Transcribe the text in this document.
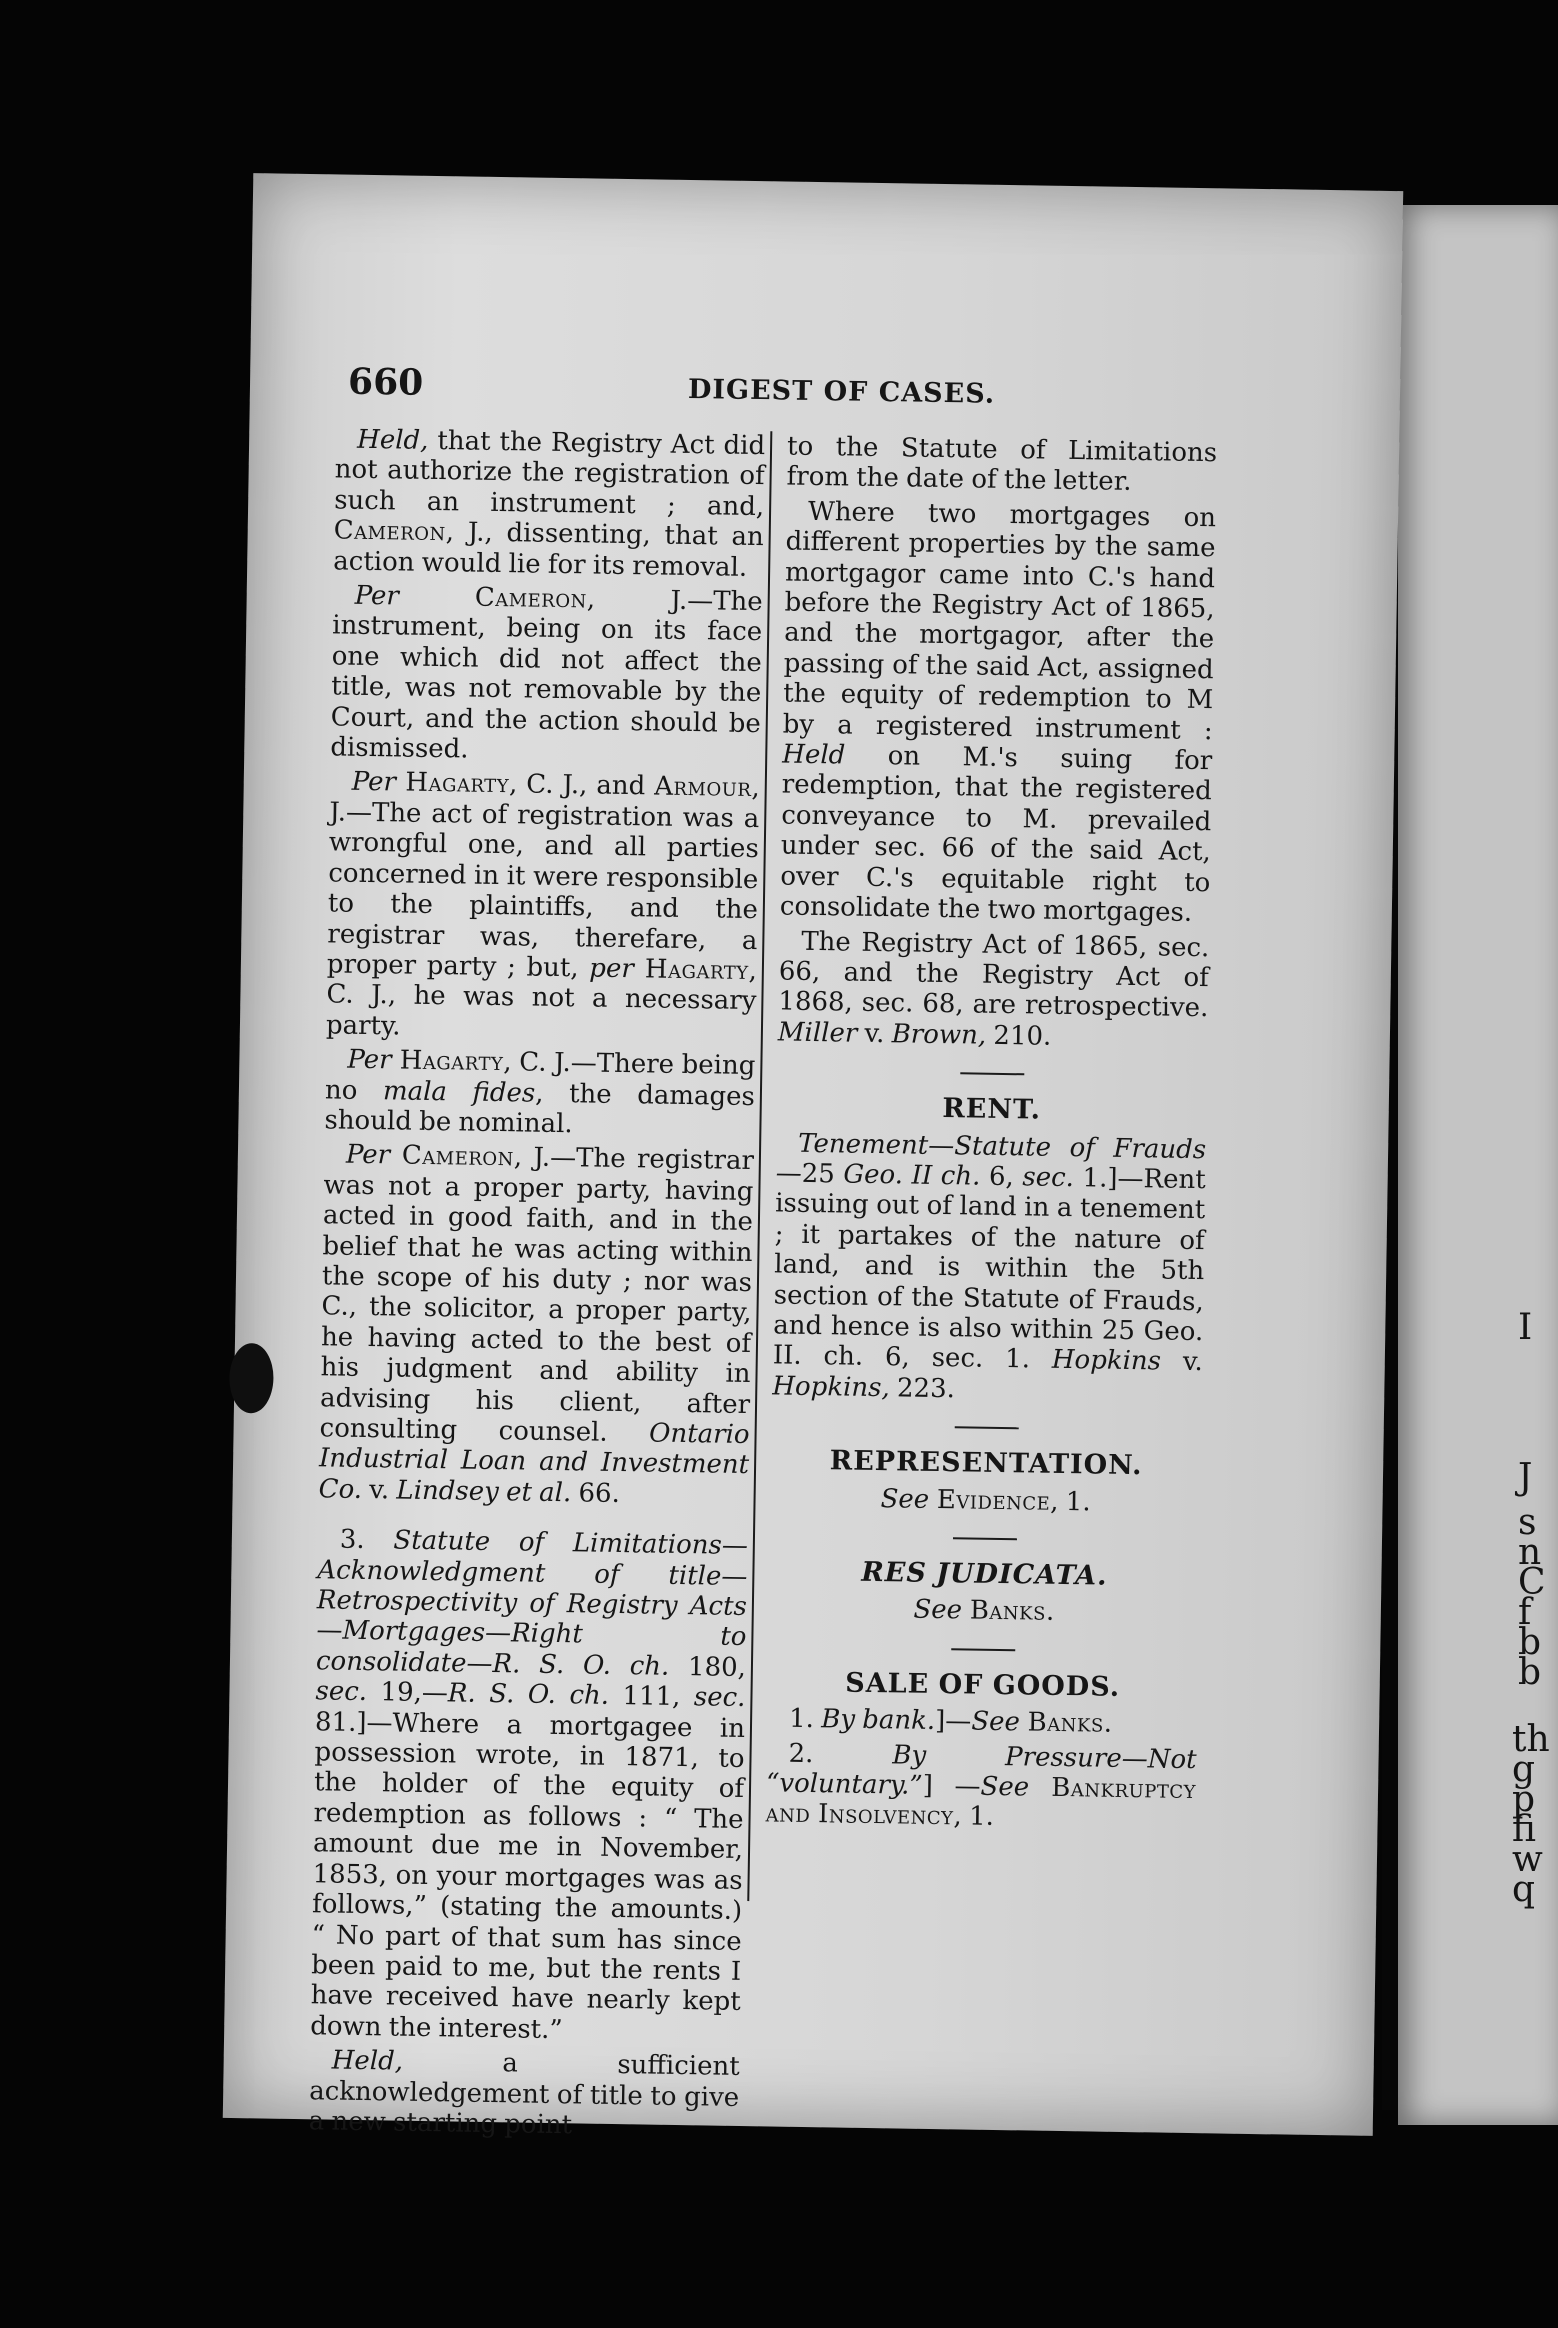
660	DIGEST OF CASES.

Held, that the Registry Act did not authorize the registration of such an instrument ; and, Cameron, J., dissenting, that an action would lie for its removal.

Per Cameron, J.—The instrument, being on its face one which did not affect the title, was not removable by the Court, and the action should be dismissed.

Per Hagarty, C. J., and Armour, J.—The act of registration was a wrongful one, and all parties concerned in it were responsible to the plaintiffs, and the registrar was, therefare, a proper party ; but, per Hagarty, C. J., he was not a necessary party.

Per Hagarty, C. J.—There being no mala fides, the damages should be nominal.

Per Cameron, J.—The registrar was not a proper party, having acted in good faith, and in the belief that he was acting within the scope of his duty ; nor was C., the solicitor, a proper party, he having acted to the best of his judgment and ability in advising his client, after consulting counsel. Ontario Industrial Loan and Investment Co. v. Lindsey et al. 66.

3. Statute of Limitations—Acknowledgment of title—Retrospectivity of Registry Acts—Mortgages—Right to consolidate—R. S. O. ch. 180, sec. 19,—R. S. O. ch. 111, sec. 81.]—Where a mortgagee in possession wrote, in 1871, to the holder of the equity of redemption as follows : “ The amount due me in November, 1853, on your mortgages was as follows,” (stating the amounts.) “ No part of that sum has since been paid to me, but the rents I have received have nearly kept down the interest.”

Held, a sufficient acknowledgement of title to give a new starting point

to the Statute of Limitations from the date of the letter.

Where two mortgages on different properties by the same mortgagor came into C.'s hand before the Registry Act of 1865, and the mortgagor, after the passing of the said Act, assigned the equity of redemption to M by a registered instrument : Held on M.'s suing for redemption, that the registered conveyance to M. prevailed under sec. 66 of the said Act, over C.'s equitable right to consolidate the two mortgages.

The Registry Act of 1865, sec. 66, and the Registry Act of 1868, sec. 68, are retrospective. Miller v. Brown, 210.

RENT.

Tenement—Statute of Frauds—25 Geo. II ch. 6, sec. 1.]—Rent issuing out of land in a tenement ; it partakes of the nature of land, and is within the 5th section of the Statute of Frauds, and hence is also within 25 Geo. II. ch. 6, sec. 1. Hopkins v. Hopkins, 223.

REPRESENTATION.
See Evidence, 1.
RES JUDICATA.
See Banks.
SALE OF GOODS.

1. By bank.]—See Banks.

2. By Pressure—Not “voluntary.”] —See Bankruptcy and Insolvency, 1.

I
J
s
n
C
f
b
b
th
g
p
fi
w
q
